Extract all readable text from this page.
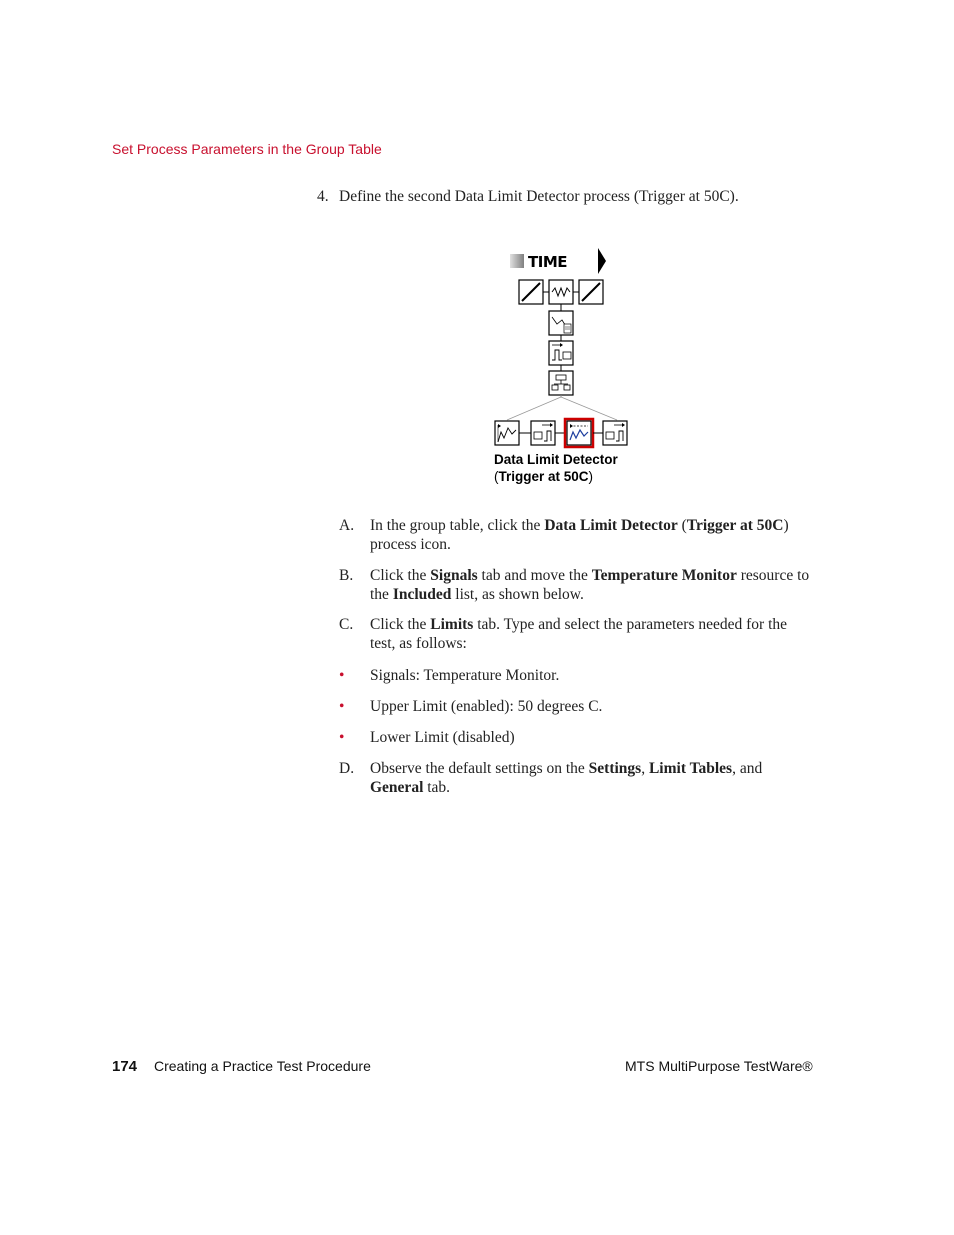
Set Process Parameters in the Group Table
4. Define the second Data Limit Detector process (Trigger at 50C).
TIME
Data Limit Detector
(Trigger at 50C)
A.	In the group table, click the Data Limit Detector (Trigger at 50C) process icon.
B.	Click the Signals tab and move the Temperature Monitor resource to the Included list, as shown below.
C.	Click the Limits tab. Type and select the parameters needed for the test, as follows:
•	Signals: Temperature Monitor.
•	Upper Limit (enabled): 50 degrees C.
•	Lower Limit (disabled)
D.	Observe the default settings on the Settings, Limit Tables, and General tab.
174 Creating a Practice Test Procedure	MTS MultiPurpose TestWare®
